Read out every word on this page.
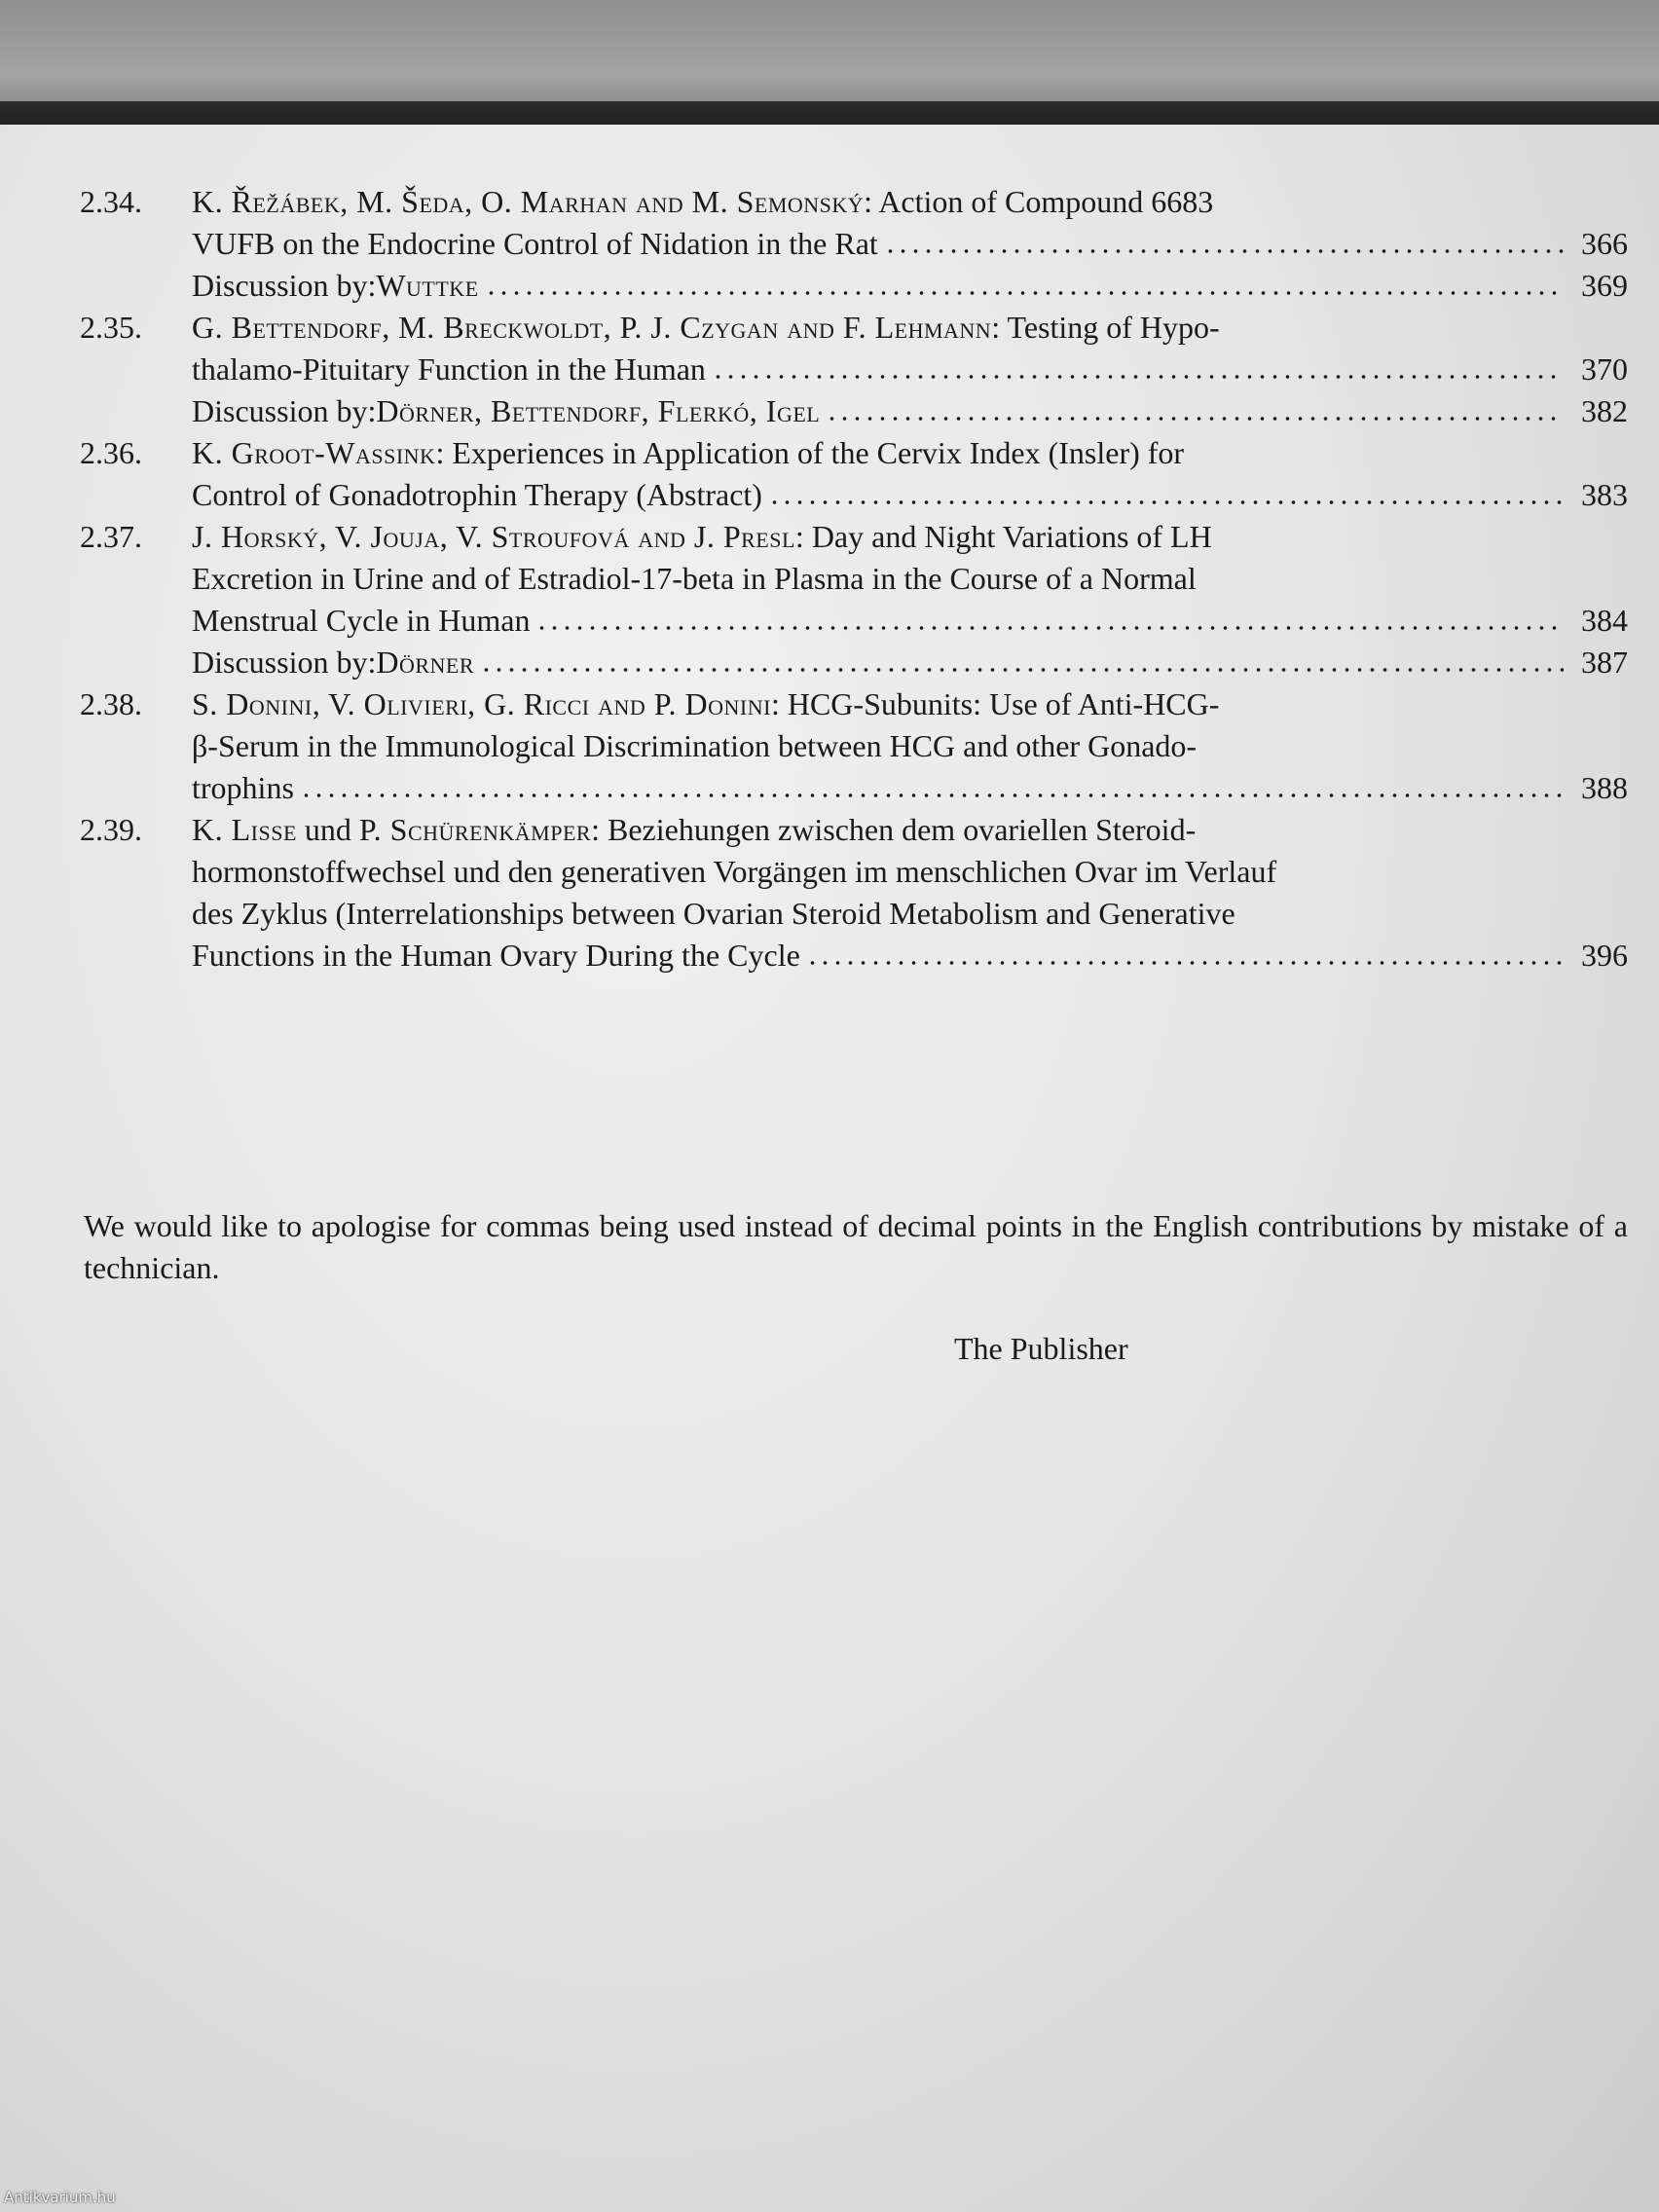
2.34.	K. Řežábek, M. Šeda, O. Marhan and M. Semonský : Action of Compound 6683
VUFB on the Endocrine Control of Nidation in the Rat	366
Discussion by: Wuttke	369
2.35.	G. Bettendorf, M. Breckwoldt, P. J. Czygan and F. Lehmann : Testing of Hypo-
thalamo-Pituitary Function in the Human	370
Discussion by: Dörner, Bettendorf, Flerkó, Igel	382
2.36.	K. Groot-Wassink : Experiences in Application of the Cervix Index (Insler) for
Control of Gonadotrophin Therapy (Abstract)	383
2.37.	J. Horský, V. Jouja, V. Stroufová and J. Presl : Day and Night Variations of LH
Excretion in Urine and of Estradiol-17-beta in Plasma in the Course of a Normal
Menstrual Cycle in Human	384
Discussion by: Dörner	387
2.38.	S. Donini, V. Olivieri, G. Ricci and P. Donini : HCG-Subunits: Use of Anti-HCG-
β-Serum in the Immunological Discrimination between HCG and other Gonado-
trophins	388
2.39.	K. Lisse und P. Schürenkämper : Beziehungen zwischen dem ovariellen Steroid-
hormonstoffwechsel und den generativen Vorgängen im menschlichen Ovar im Verlauf
des Zyklus (Interrelationships between Ovarian Steroid Metabolism and Generative
Functions in the Human Ovary During the Cycle	396
We would like to apologise for commas being used instead of decimal points in the English contributions by mistake of a technician.
The Publisher
Antikvarium.hu
